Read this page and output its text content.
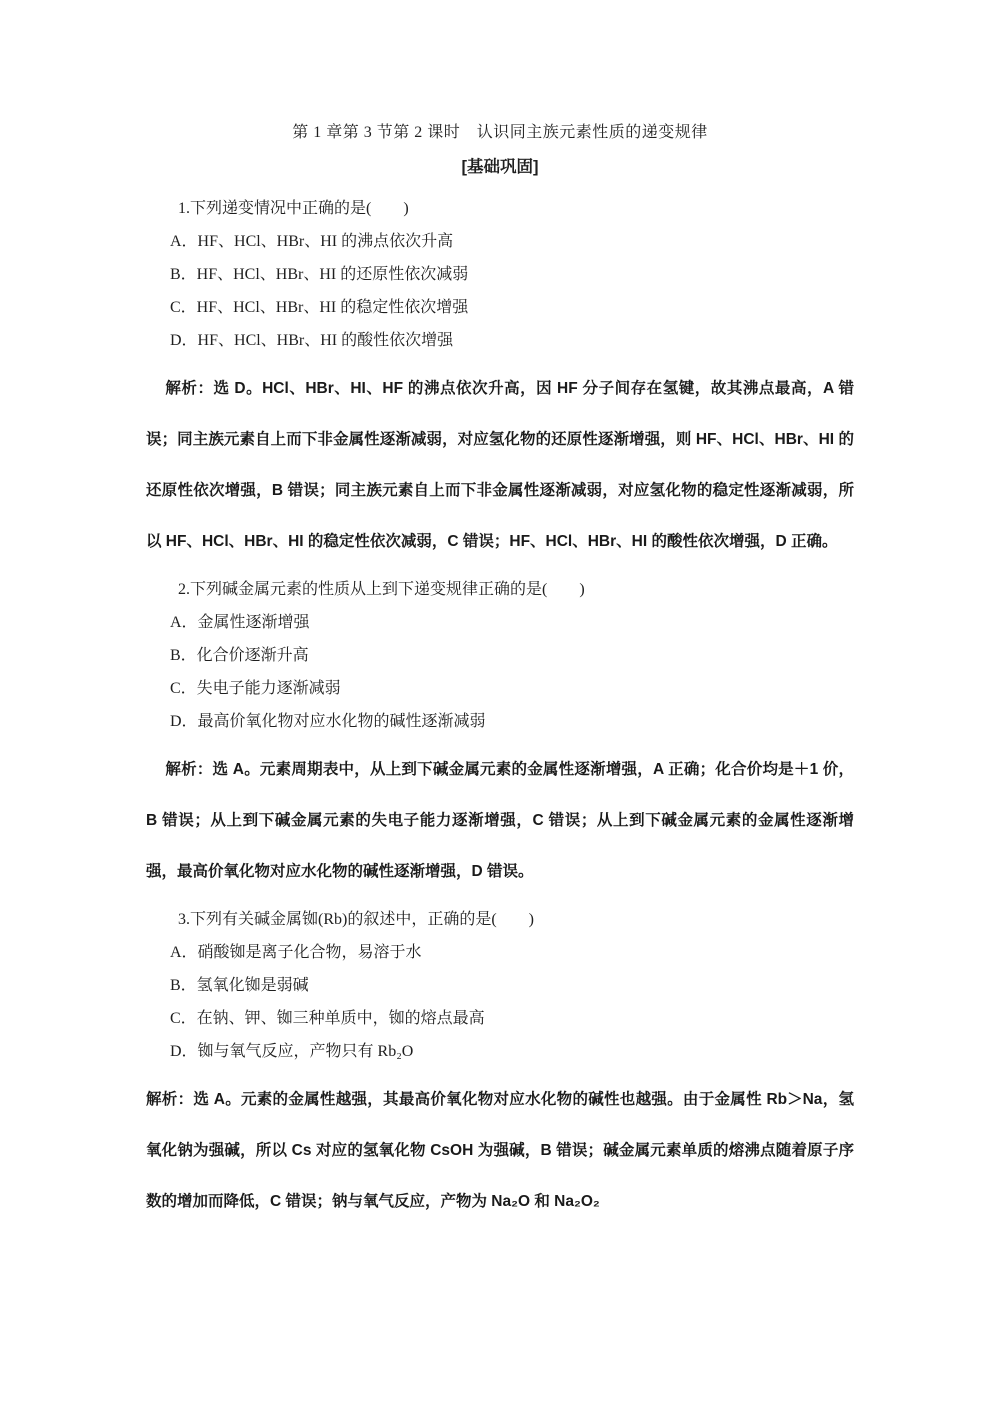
第 1 章第 3 节第 2 课时　认识同主族元素性质的递变规律

[基础巩固]

1.下列递变情况中正确的是(　　)

A．HF、HCl、HBr、HI 的沸点依次升高

B．HF、HCl、HBr、HI 的还原性依次减弱

C．HF、HCl、HBr、HI 的稳定性依次增强

D．HF、HCl、HBr、HI 的酸性依次增强

解析：选 D。HCl、HBr、HI、HF 的沸点依次升高，因 HF 分子间存在氢键，故其沸点最高，A 错误；同主族元素自上而下非金属性逐渐减弱，对应氢化物的还原性逐渐增强，则 HF、HCl、HBr、HI 的还原性依次增强，B 错误；同主族元素自上而下非金属性逐渐减弱，对应氢化物的稳定性逐渐减弱，所以 HF、HCl、HBr、HI 的稳定性依次减弱，C 错误；HF、HCl、HBr、HI 的酸性依次增强，D 正确。

2.下列碱金属元素的性质从上到下递变规律正确的是(　　)

A．金属性逐渐增强

B．化合价逐渐升高

C．失电子能力逐渐减弱

D．最高价氧化物对应水化物的碱性逐渐减弱

解析：选 A。元素周期表中，从上到下碱金属元素的金属性逐渐增强，A 正确；化合价均是＋1 价，B 错误；从上到下碱金属元素的失电子能力逐渐增强，C 错误；从上到下碱金属元素的金属性逐渐增强，最高价氧化物对应水化物的碱性逐渐增强，D 错误。

3.下列有关碱金属铷(Rb)的叙述中，正确的是(　　)

A．硝酸铷是离子化合物，易溶于水

B．氢氧化铷是弱碱

C．在钠、钾、铷三种单质中，铷的熔点最高

D．铷与氧气反应，产物只有 Rb₂O

解析：选 A。元素的金属性越强，其最高价氧化物对应水化物的碱性也越强。由于金属性 Rb＞Na，氢氧化钠为强碱，所以 Cs 对应的氢氧化物 CsOH 为强碱，B 错误；碱金属元素单质的熔沸点随着原子序数的增加而降低，C 错误；钠与氧气反应，产物为 Na₂O 和 Na₂O₂
